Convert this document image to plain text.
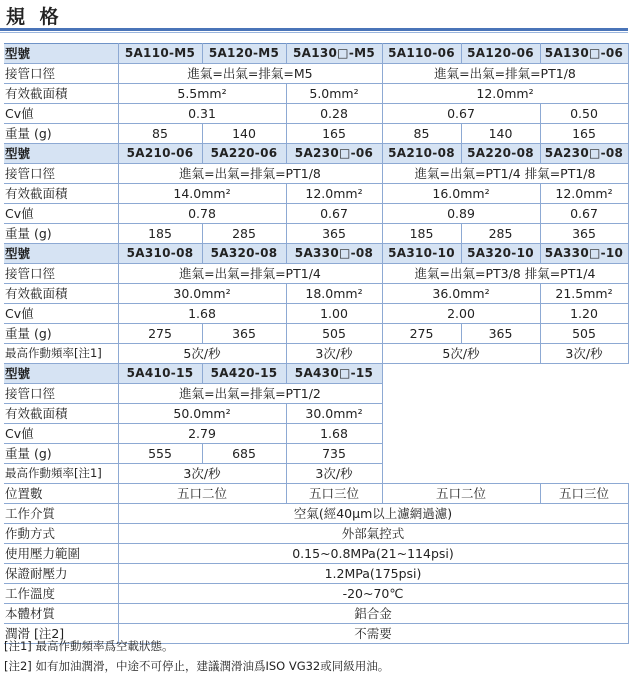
規 格
型號	5A110-M5	5A120-M5	5A130□-M5	5A110-06	5A120-06	5A130□-06
接管口徑	進氣=出氣=排氣=M5			進氣=出氣=排氣=PT1/8		
有效截面積	5.5mm²		5.0mm²	12.0mm²		
Cv値	0.31		0.28	0.67		0.50
重量 (g)	85	140	165	85	140	165
型號	5A210-06	5A220-06	5A230□-06	5A210-08	5A220-08	5A230□-08
接管口徑	進氣=出氣=排氣=PT1/8			進氣=出氣=PT1/4 排氣=PT1/8		
有效截面積	14.0mm²		12.0mm²	16.0mm²		12.0mm²
Cv値	0.78		0.67	0.89		0.67
重量 (g)	185	285	365	185	285	365
型號	5A310-08	5A320-08	5A330□-08	5A310-10	5A320-10	5A330□-10
接管口徑	進氣=出氣=排氣=PT1/4			進氣=出氣=PT3/8 排氣=PT1/4		
有效截面積	30.0mm²		18.0mm²	36.0mm²		21.5mm²
Cv値	1.68		1.00	2.00		1.20
重量 (g)	275	365	505	275	365	505
最高作動頻率[注1]	5次/秒		3次/秒	5次/秒		3次/秒
型號	5A410-15	5A420-15	5A430□-15			
接管口徑	進氣=出氣=排氣=PT1/2					
有效截面積	50.0mm²		30.0mm²			
Cv値	2.79		1.68			
重量 (g)	555	685	735			
最高作動頻率[注1]	3次/秒		3次/秒			
位置數	五口二位		五口三位	五口二位		五口三位
工作介質	空氣(經40μm以上濾網過濾)					
作動方式	外部氣控式					
使用壓力範圍	0.15~0.8MPa(21~114psi)					
保證耐壓力	1.2MPa(175psi)					
工作溫度	-20~70℃					
本體材質	鋁合金					
潤滑 [注2]	不需要					
[注1] 最高作動頻率爲空載狀態。
[注2] 如有加油潤滑，中途不可停止，建議潤滑油爲ISO VG32或同級用油。
